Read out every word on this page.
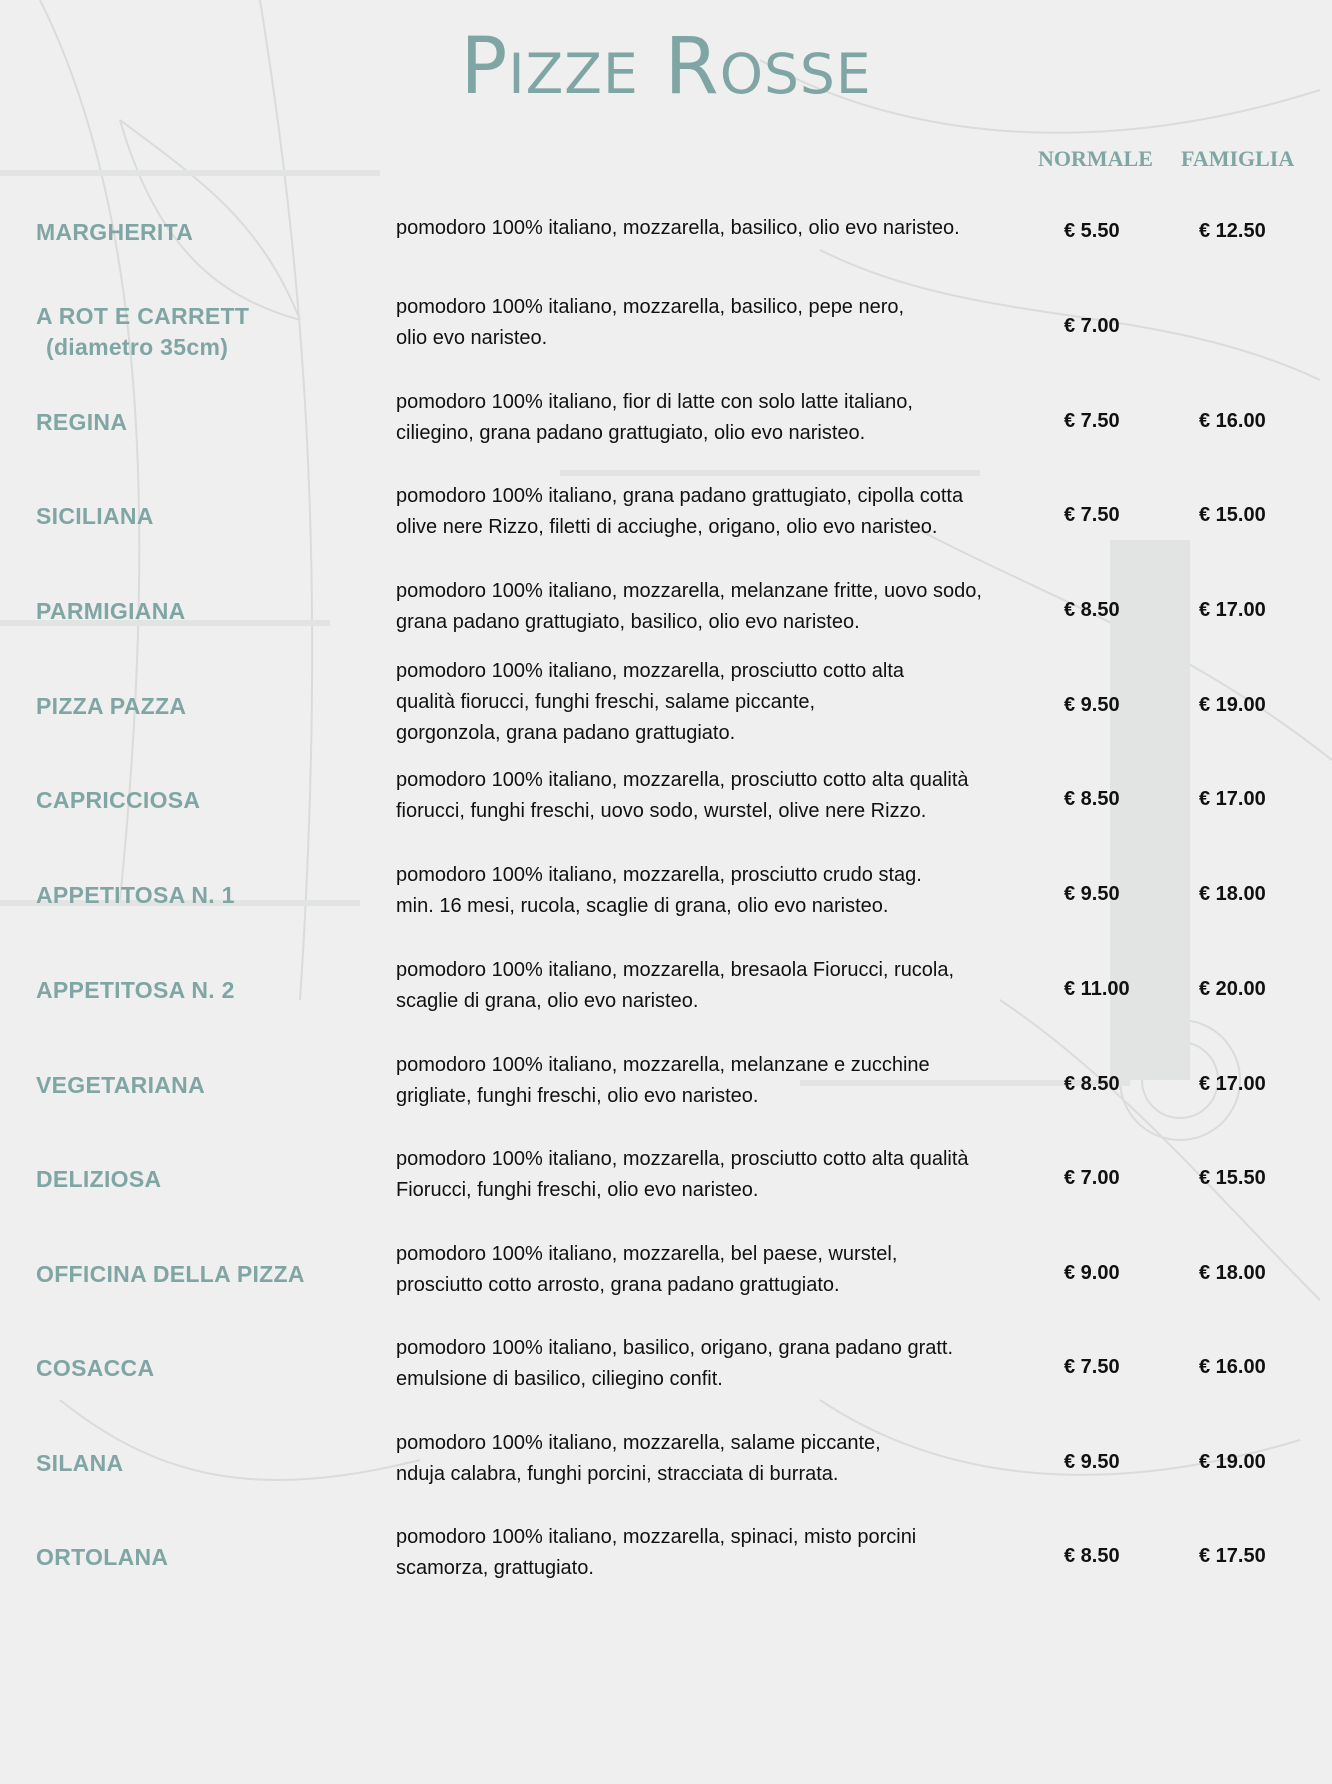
Pizze Rosse
NORMALE FAMIGLIA
MARGHERITA	pomodoro 100% italiano, mozzarella, basilico, olio evo naristeo.	€ 5.50	€ 12.50
A ROT E CARRETT
(diametro 35cm)
pomodoro 100% italiano, mozzarella, basilico, pepe nero,
olio evo naristeo.
€ 7.00
REGINA
pomodoro 100% italiano, fior di latte con solo latte italiano,
ciliegino, grana padano grattugiato, olio evo naristeo.
€ 7.50	€ 16.00
SICILIANA
pomodoro 100% italiano, grana padano grattugiato, cipolla cotta
olive nere Rizzo, filetti di acciughe, origano, olio evo naristeo.
€ 7.50	€ 15.00
PARMIGIANA
pomodoro 100% italiano, mozzarella, melanzane fritte, uovo sodo,
grana padano grattugiato, basilico, olio evo naristeo.
€ 8.50	€ 17.00
PIZZA PAZZA
pomodoro 100% italiano, mozzarella, prosciutto cotto alta
qualità fiorucci, funghi freschi, salame piccante,
gorgonzola, grana padano grattugiato.
€ 9.50	€ 19.00
CAPRICCIOSA
pomodoro 100% italiano, mozzarella, prosciutto cotto alta qualità
fiorucci, funghi freschi, uovo sodo, wurstel, olive nere Rizzo.
€ 8.50	€ 17.00
APPETITOSA N. 1
pomodoro 100% italiano, mozzarella, prosciutto crudo stag.
min. 16 mesi, rucola, scaglie di grana, olio evo naristeo.
€ 9.50	€ 18.00
APPETITOSA N. 2
pomodoro 100% italiano, mozzarella, bresaola Fiorucci, rucola,
scaglie di grana, olio evo naristeo.
€ 11.00	€ 20.00
VEGETARIANA
pomodoro 100% italiano, mozzarella, melanzane e zucchine
grigliate, funghi freschi, olio evo naristeo.
€ 8.50	€ 17.00
DELIZIOSA
pomodoro 100% italiano, mozzarella, prosciutto cotto alta qualità
Fiorucci, funghi freschi, olio evo naristeo.
€ 7.00	€ 15.50
OFFICINA DELLA PIZZA
pomodoro 100% italiano, mozzarella, bel paese, wurstel,
prosciutto cotto arrosto, grana padano grattugiato.
€ 9.00	€ 18.00
COSACCA
pomodoro 100% italiano, basilico, origano, grana padano gratt.
emulsione di basilico, ciliegino confit.
€ 7.50	€ 16.00
SILANA
pomodoro 100% italiano, mozzarella, salame piccante,
nduja calabra, funghi porcini, stracciata di burrata.
€ 9.50	€ 19.00
ORTOLANA
pomodoro 100% italiano, mozzarella, spinaci, misto porcini
scamorza, grattugiato.
€ 8.50	€ 17.50
